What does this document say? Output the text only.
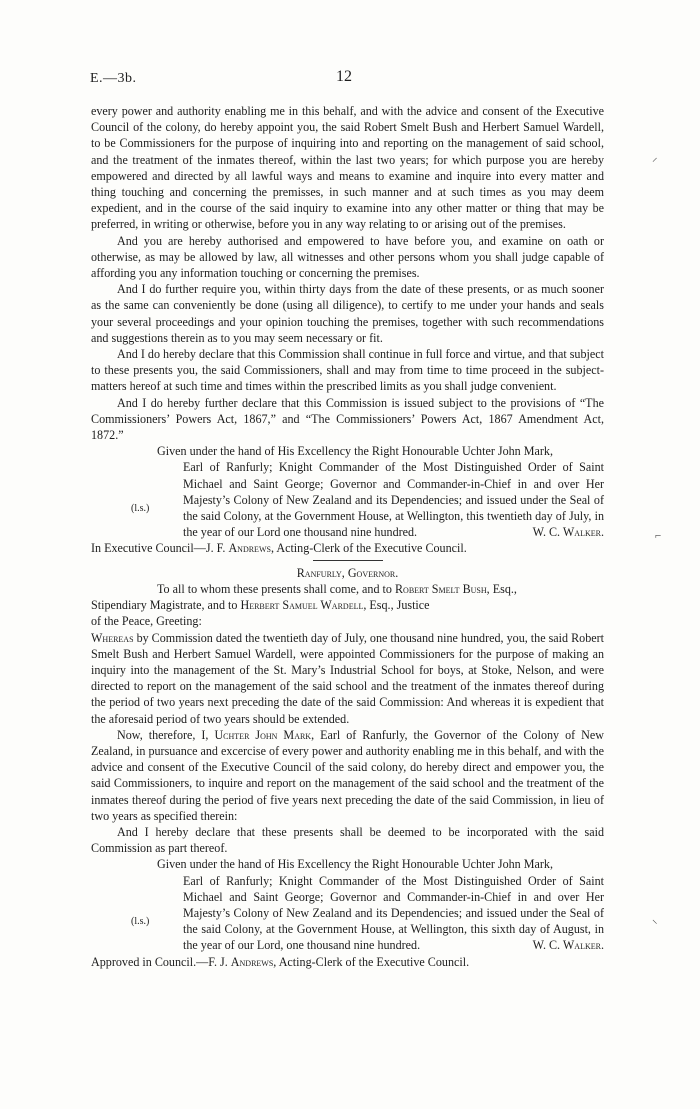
E.—3b.	12
⸝
⌐
⸜

every power and authority enabling me in this behalf, and with the advice and consent of the Executive Council of the colony, do hereby appoint you, the said Robert Smelt Bush and Herbert Samuel Wardell, to be Commissioners for the purpose of inquiring into and reporting on the management of said school, and the treatment of the inmates thereof, within the last two years; for which purpose you are hereby empowered and directed by all lawful ways and means to examine and inquire into every matter and thing touching and concerning the premisses, in such manner and at such times as you may deem expedient, and in the course of the said inquiry to examine into any other matter or thing that may be preferred, in writing or otherwise, before you in any way relating to or arising out of the premises.

And you are hereby authorised and empowered to have before you, and examine on oath or otherwise, as may be allowed by law, all witnesses and other persons whom you shall judge capable of affording you any information touching or concerning the premises.

And I do further require you, within thirty days from the date of these presents, or as much sooner as the same can conveniently be done (using all diligence), to certify to me under your hands and seals your several proceedings and your opinion touching the premises, together with such recommendations and suggestions therein as to you may seem necessary or fit.

And I do hereby declare that this Commission shall continue in full force and virtue, and that subject to these presents you, the said Commissioners, shall and may from time to time proceed in the subject-matters hereof at such time and times within the prescribed limits as you shall judge convenient.

And I do hereby further declare that this Commission is issued subject to the provisions of “The Commissioners’ Powers Act, 1867,” and “The Commissioners’ Powers Act, 1867 Amendment Act, 1872.”

Given under the hand of His Excellency the Right Honourable Uchter John Mark,

(l.s.)

Earl of Ranfurly; Knight Commander of the Most Distinguished Order of Saint Michael and Saint George; Governor and Commander-in-Chief in and over Her Majesty’s Colony of New Zealand and its Dependencies; and issued under the Seal of the said Colony, at the Government House, at Wellington, this twentieth day of July, in the year of our Lord one thousand nine hundred.	W. C. Walker.

In Executive Council—J. F. Andrews, Acting-Clerk of the Executive Council.

Ranfurly, Governor.

To all to whom these presents shall come, and to Robert Smelt Bush, Esq.,

Stipendiary Magistrate, and to Herbert Samuel Wardell, Esq., Justice

of the Peace, Greeting:

Whereas by Commission dated the twentieth day of July, one thousand nine hundred, you, the said Robert Smelt Bush and Herbert Samuel Wardell, were appointed Commissioners for the purpose of making an inquiry into the management of the St. Mary’s Industrial School for boys, at Stoke, Nelson, and were directed to report on the management of the said school and the treatment of the inmates thereof during the period of two years next preceding the date of the said Commission: And whereas it is expedient that the aforesaid period of two years should be extended.

Now, therefore, I, Uchter John Mark, Earl of Ranfurly, the Governor of the Colony of New Zealand, in pursuance and excercise of every power and authority enabling me in this behalf, and with the advice and consent of the Executive Council of the said colony, do hereby direct and empower you, the said Commissioners, to inquire and report on the management of the said school and the treatment of the inmates thereof during the period of five years next preceding the date of the said Commission, in lieu of two years as specified therein:

And I hereby declare that these presents shall be deemed to be incorporated with the said Commission as part thereof.

Given under the hand of His Excellency the Right Honourable Uchter John Mark,

(l.s.)

Earl of Ranfurly; Knight Commander of the Most Distinguished Order of Saint Michael and Saint George; Governor and Commander-in-Chief in and over Her Majesty’s Colony of New Zealand and its Dependencies; and issued under the Seal of the said Colony, at the Government House, at Wellington, this sixth day of August, in the year of our Lord, one thousand nine hundred.	W. C. Walker.

Approved in Council.—F. J. Andrews, Acting-Clerk of the Executive Council.
